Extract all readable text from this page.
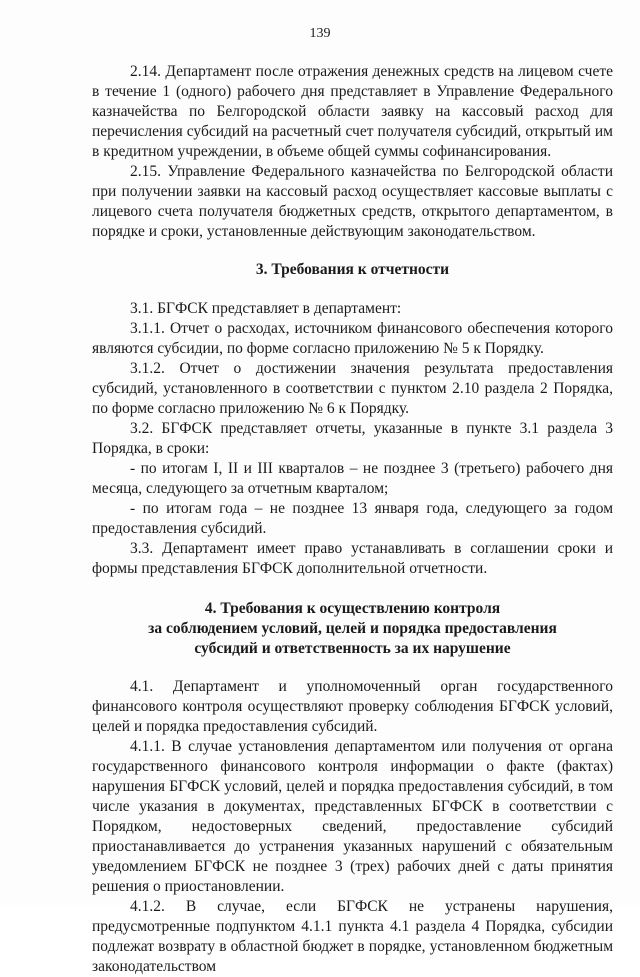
139

2.14. Департамент после отражения денежных средств на лицевом счете в течение 1 (одного) рабочего дня представляет в Управление Федерального казначейства по Белгородской области заявку на кассовый расход для перечисления субсидий на расчетный счет получателя субсидий, открытый им в кредитном учреждении, в объеме общей суммы софинансирования.

2.15. Управление Федерального казначейства по Белгородской области при получении заявки на кассовый расход осуществляет кассовые выплаты с лицевого счета получателя бюджетных средств, открытого департаментом, в порядке и сроки, установленные действующим законодательством.

3. Требования к отчетности

3.1. БГФСК представляет в департамент:

3.1.1. Отчет о расходах, источником финансового обеспечения которого являются субсидии, по форме согласно приложению № 5 к Порядку.

3.1.2. Отчет о достижении значения результата предоставления субсидий, установленного в соответствии с пунктом 2.10 раздела 2 Порядка, по форме согласно приложению № 6 к Порядку.

3.2. БГФСК представляет отчеты, указанные в пункте 3.1 раздела 3 Порядка, в сроки:

- по итогам I, II и III кварталов – не позднее 3 (третьего) рабочего дня месяца, следующего за отчетным кварталом;

- по итогам года – не позднее 13 января года, следующего за годом предоставления субсидий.

3.3. Департамент имеет право устанавливать в соглашении сроки и формы представления БГФСК дополнительной отчетности.

4. Требования к осуществлению контроля
за соблюдением условий, целей и порядка предоставления
субсидий и ответственность за их нарушение

4.1. Департамент и уполномоченный орган государственного финансового контроля осуществляют проверку соблюдения БГФСК условий, целей и порядка предоставления субсидий.

4.1.1. В случае установления департаментом или получения от органа государственного финансового контроля информации о факте (фактах) нарушения БГФСК условий, целей и порядка предоставления субсидий, в том числе указания в документах, представленных БГФСК в соответствии с Порядком, недостоверных сведений, предоставление субсидий приостанавливается до устранения указанных нарушений с обязательным уведомлением БГФСК не позднее 3 (трех) рабочих дней с даты принятия решения о приостановлении.

4.1.2. В случае, если БГФСК не устранены нарушения, предусмотренные подпунктом 4.1.1 пункта 4.1 раздела 4 Порядка, субсидии подлежат возврату в областной бюджет в порядке, установленном бюджетным законодательством
